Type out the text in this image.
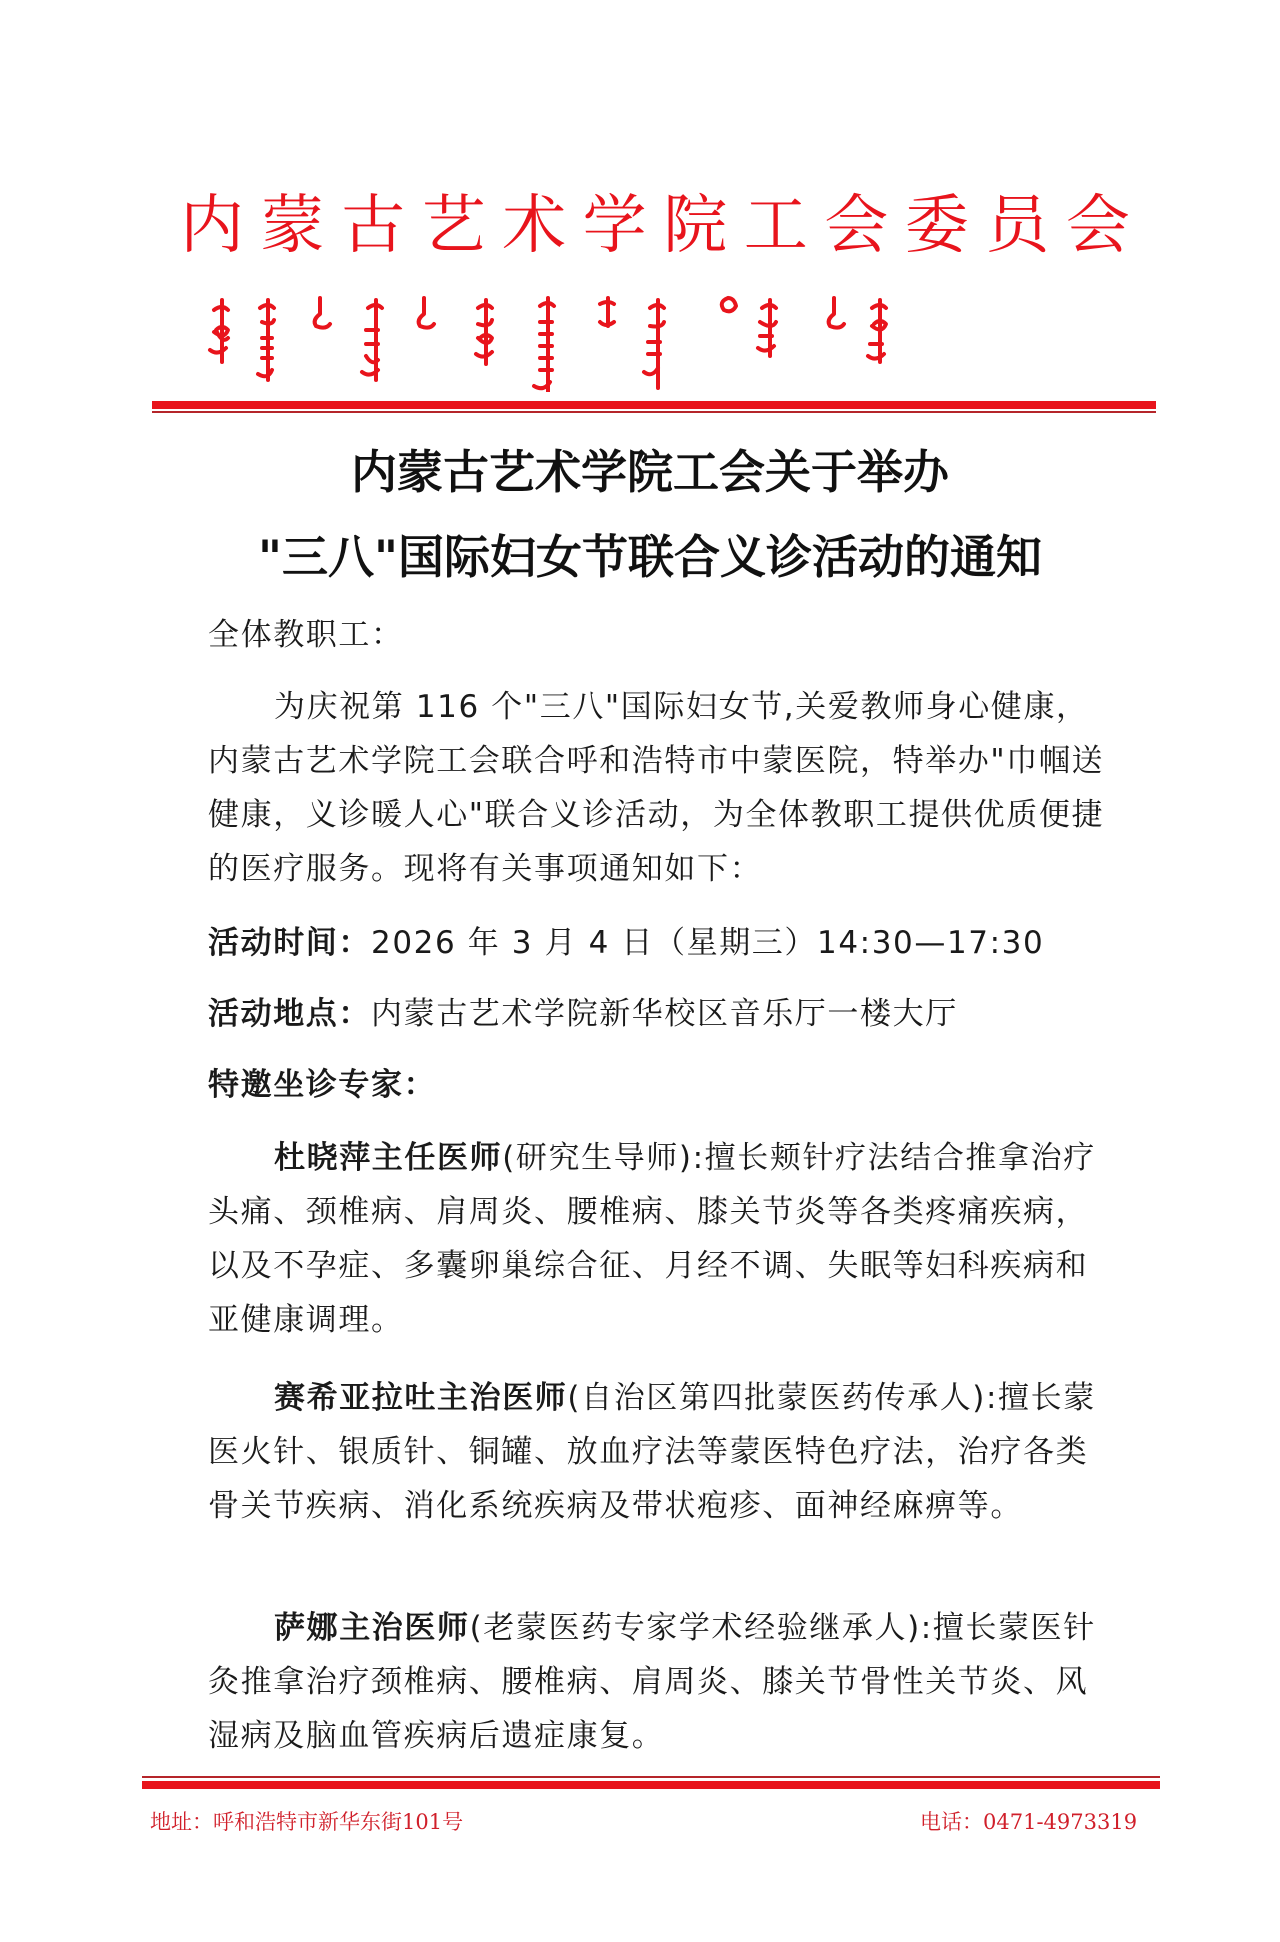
内 蒙 古 艺 术 学 院 工 会 委 员 会
内蒙古艺术学院工会关于举办
"三八"国际妇女节联合义诊活动的通知
全体教职工：
为庆祝第 116 个"三八"国际妇女节,关爱教师身心健康，内蒙古艺术学院工会联合呼和浩特市中蒙医院，特举办"巾帼送健康，义诊暖人心"联合义诊活动，为全体教职工提供优质便捷的医疗服务。现将有关事项通知如下：
活动时间：2026 年 3 月 4 日（星期三）14:30—17:30
活动地点：内蒙古艺术学院新华校区音乐厅一楼大厅
特邀坐诊专家：
杜晓萍主任医师(研究生导师):擅长颊针疗法结合推拿治疗头痛、颈椎病、肩周炎、腰椎病、膝关节炎等各类疼痛疾病，以及不孕症、多囊卵巢综合征、月经不调、失眠等妇科疾病和亚健康调理。
赛希亚拉吐主治医师(自治区第四批蒙医药传承人):擅长蒙医火针、银质针、铜罐、放血疗法等蒙医特色疗法，治疗各类骨关节疾病、消化系统疾病及带状疱疹、面神经麻痹等。
萨娜主治医师(老蒙医药专家学术经验继承人):擅长蒙医针灸推拿治疗颈椎病、腰椎病、肩周炎、膝关节骨性关节炎、风湿病及脑血管疾病后遗症康复。
地址：呼和浩特市新华东街101号	电话：0471-4973319
